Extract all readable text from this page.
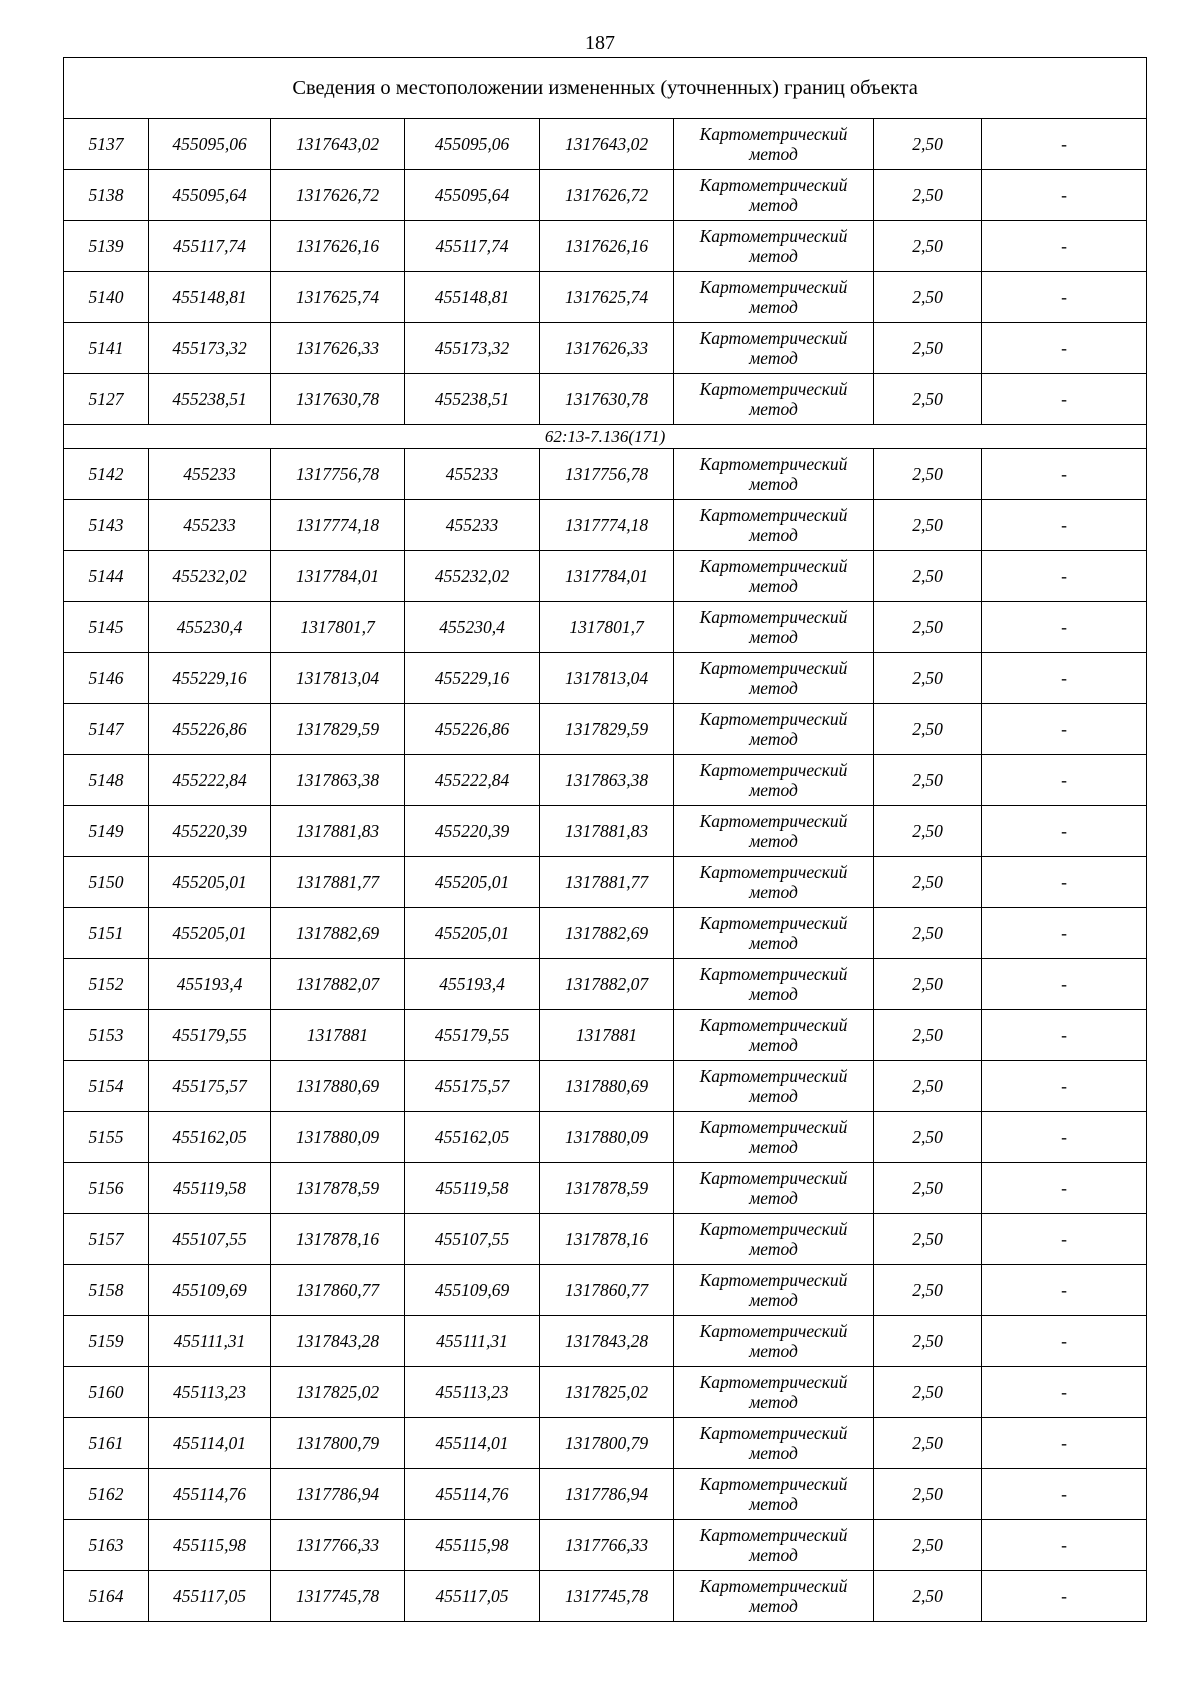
187
Сведения о местоположении измененных (уточненных) границ объекта							
5137	455095,06	1317643,02	455095,06	1317643,02	Картометрический
метод	2,50	-
5138	455095,64	1317626,72	455095,64	1317626,72	Картометрический
метод	2,50	-
5139	455117,74	1317626,16	455117,74	1317626,16	Картометрический
метод	2,50	-
5140	455148,81	1317625,74	455148,81	1317625,74	Картометрический
метод	2,50	-
5141	455173,32	1317626,33	455173,32	1317626,33	Картометрический
метод	2,50	-
5127	455238,51	1317630,78	455238,51	1317630,78	Картометрический
метод	2,50	-
62:13-7.136(171)							
5142	455233	1317756,78	455233	1317756,78	Картометрический
метод	2,50	-
5143	455233	1317774,18	455233	1317774,18	Картометрический
метод	2,50	-
5144	455232,02	1317784,01	455232,02	1317784,01	Картометрический
метод	2,50	-
5145	455230,4	1317801,7	455230,4	1317801,7	Картометрический
метод	2,50	-
5146	455229,16	1317813,04	455229,16	1317813,04	Картометрический
метод	2,50	-
5147	455226,86	1317829,59	455226,86	1317829,59	Картометрический
метод	2,50	-
5148	455222,84	1317863,38	455222,84	1317863,38	Картометрический
метод	2,50	-
5149	455220,39	1317881,83	455220,39	1317881,83	Картометрический
метод	2,50	-
5150	455205,01	1317881,77	455205,01	1317881,77	Картометрический
метод	2,50	-
5151	455205,01	1317882,69	455205,01	1317882,69	Картометрический
метод	2,50	-
5152	455193,4	1317882,07	455193,4	1317882,07	Картометрический
метод	2,50	-
5153	455179,55	1317881	455179,55	1317881	Картометрический
метод	2,50	-
5154	455175,57	1317880,69	455175,57	1317880,69	Картометрический
метод	2,50	-
5155	455162,05	1317880,09	455162,05	1317880,09	Картометрический
метод	2,50	-
5156	455119,58	1317878,59	455119,58	1317878,59	Картометрический
метод	2,50	-
5157	455107,55	1317878,16	455107,55	1317878,16	Картометрический
метод	2,50	-
5158	455109,69	1317860,77	455109,69	1317860,77	Картометрический
метод	2,50	-
5159	455111,31	1317843,28	455111,31	1317843,28	Картометрический
метод	2,50	-
5160	455113,23	1317825,02	455113,23	1317825,02	Картометрический
метод	2,50	-
5161	455114,01	1317800,79	455114,01	1317800,79	Картометрический
метод	2,50	-
5162	455114,76	1317786,94	455114,76	1317786,94	Картометрический
метод	2,50	-
5163	455115,98	1317766,33	455115,98	1317766,33	Картометрический
метод	2,50	-
5164	455117,05	1317745,78	455117,05	1317745,78	Картометрический
метод	2,50	-
